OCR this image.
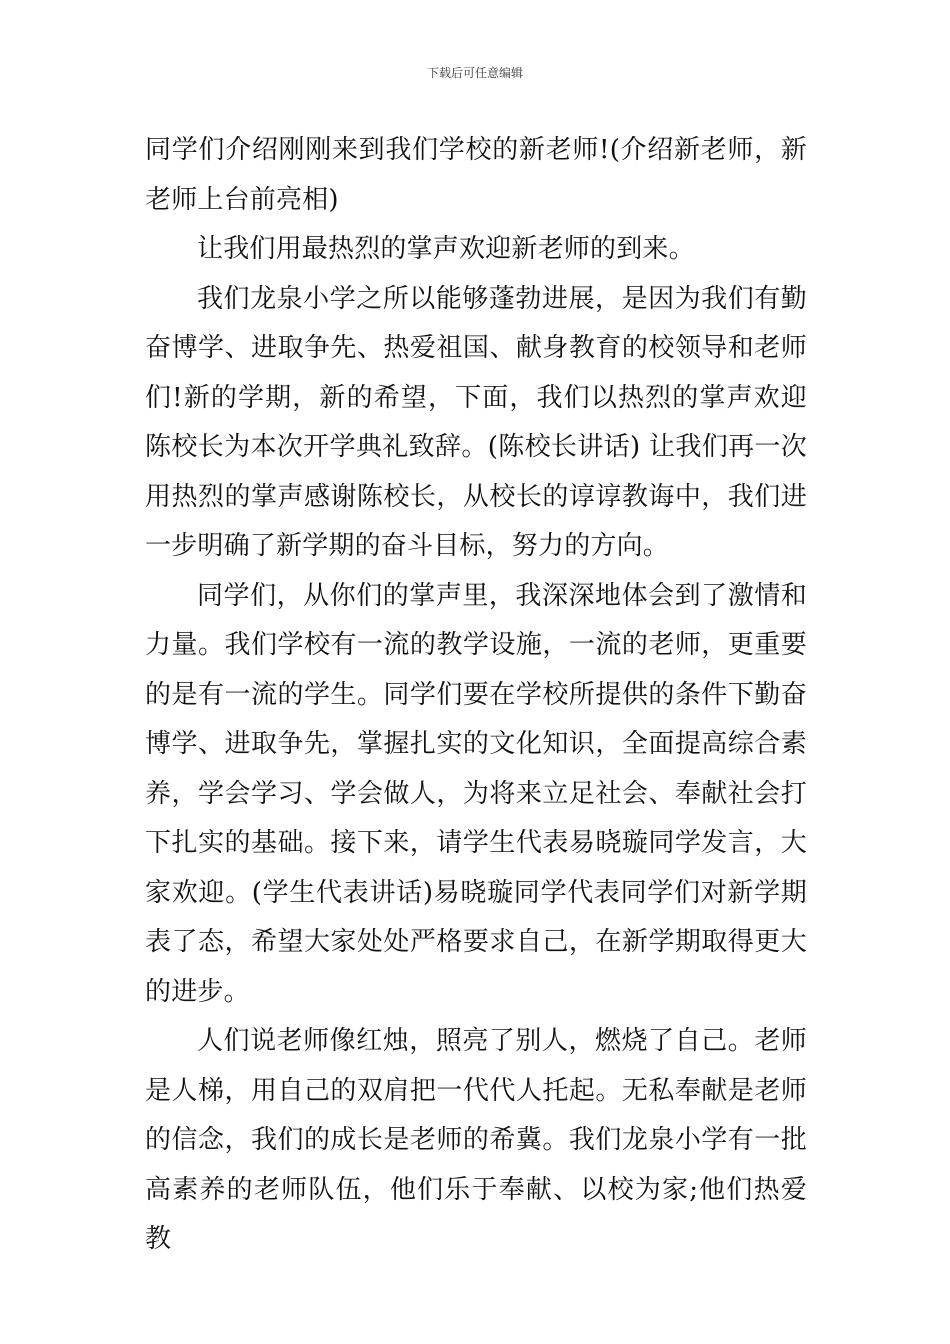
下载后可任意编辑

同学们介绍刚刚来到我们学校的新老师!(介绍新老师，新老师上台前亮相)

让我们用最热烈的掌声欢迎新老师的到来。

我们龙泉小学之所以能够蓬勃进展，是因为我们有勤奋博学、进取争先、热爱祖国、献身教育的校领导和老师们!新的学期，新的希望，下面，我们以热烈的掌声欢迎陈校长为本次开学典礼致辞。(陈校长讲话) 让我们再一次用热烈的掌声感谢陈校长，从校长的谆谆教诲中，我们进一步明确了新学期的奋斗目标，努力的方向。

同学们，从你们的掌声里，我深深地体会到了激情和力量。我们学校有一流的教学设施，一流的老师，更重要的是有一流的学生。同学们要在学校所提供的条件下勤奋博学、进取争先，掌握扎实的文化知识，全面提高综合素养，学会学习、学会做人，为将来立足社会、奉献社会打下扎实的基础。接下来，请学生代表易晓璇同学发言，大家欢迎。(学生代表讲话)易晓璇同学代表同学们对新学期表了态，希望大家处处严格要求自己，在新学期取得更大的进步。

人们说老师像红烛，照亮了别人，燃烧了自己。老师是人梯，用自己的双肩把一代代人托起。无私奉献是老师的信念，我们的成长是老师的希冀。我们龙泉小学有一批高素养的老师队伍，他们乐于奉献、以校为家;他们热爱教
